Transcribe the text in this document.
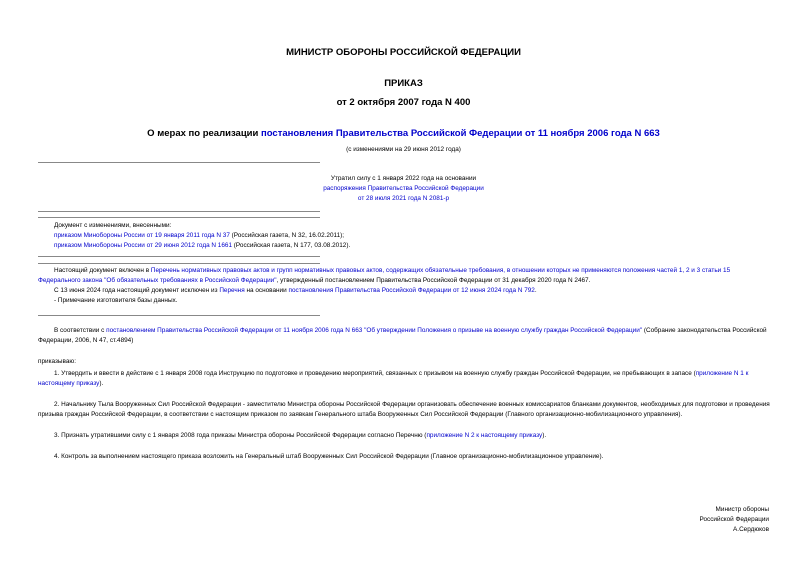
МИНИСТР ОБОРОНЫ РОССИЙСКОЙ ФЕДЕРАЦИИ
ПРИКАЗ
от 2 октября 2007 года N 400
О мерах по реализации постановления Правительства Российской Федерации от 11 ноября 2006 года N 663
(с изменениями на 29 июня 2012 года)
Утратил силу с 1 января 2022 года на основании
распоряжения Правительства Российской Федерации
от 28 июля 2021 года N 2081-р
Документ с изменениями, внесенными:
приказом Минобороны России от 19 января 2011 года N 37 (Российская газета, N 32, 16.02.2011);
приказом Минобороны России от 29 июня 2012 года N 1661 (Российская газета, N 177, 03.08.2012).
Настоящий документ включен в Перечень нормативных правовых актов и групп нормативных правовых актов, содержащих обязательные требования, в отношении которых не применяются положения частей 1, 2 и 3 статьи 15 Федерального закона "Об обязательных требованиях в Российской Федерации", утвержденный постановлением Правительства Российской Федерации от 31 декабря 2020 года N 2467.
С 13 июня 2024 года настоящий документ исключен из Перечня на основании постановления Правительства Российской Федерации от 12 июня 2024 года N 792.
- Примечание изготовителя базы данных.
В соответствии с постановлением Правительства Российской Федерации от 11 ноября 2006 года N 663 "Об утверждении Положения о призыве на военную службу граждан Российской Федерации" (Собрание законодательства Российской Федерации, 2006, N 47, ст.4894)
приказываю:
1. Утвердить и ввести в действие с 1 января 2008 года Инструкцию по подготовке и проведению мероприятий, связанных с призывом на военную службу граждан Российской Федерации, не пребывающих в запасе (приложение N 1 к настоящему приказу).
2. Начальнику Тыла Вооруженных Сил Российской Федерации - заместителю Министра обороны Российской Федерации организовать обеспечение военных комиссариатов бланками документов, необходимых для подготовки и проведения призыва граждан Российской Федерации, в соответствии с настоящим приказом по заявкам Генерального штаба Вооруженных Сил Российской Федерации (Главного организационно-мобилизационного управления).
3. Признать утратившими силу с 1 января 2008 года приказы Министра обороны Российской Федерации согласно Перечню (приложение N 2 к настоящему приказу).
4. Контроль за выполнением настоящего приказа возложить на Генеральный штаб Вооруженных Сил Российской Федерации (Главное организационно-мобилизационное управление).
Министр обороны
Российской Федерации
А.Сердюков
